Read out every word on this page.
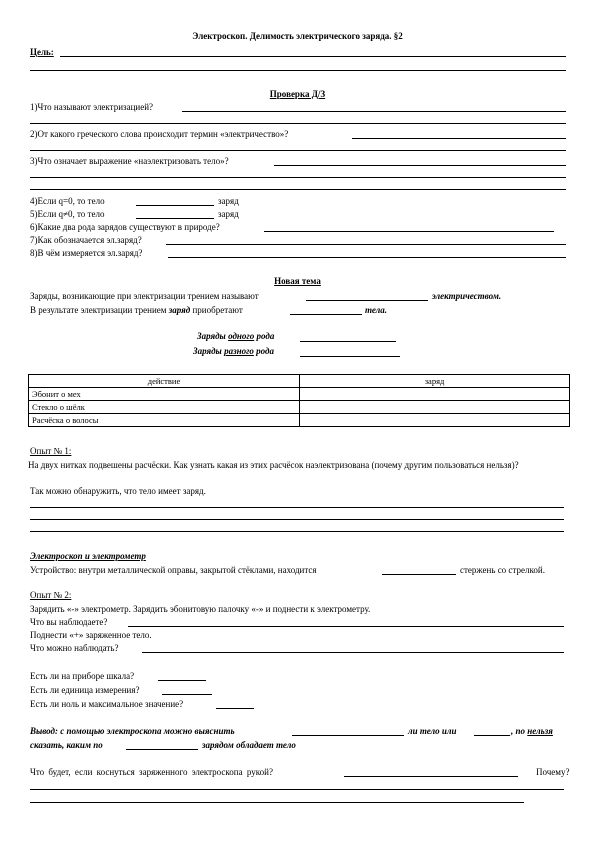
Электроскоп. Делимость электрического заряда. §2
Цель:
Проверка Д/З
1)Что называют электризацией?
2)От какого греческого слова происходит термин «электричество»?
3)Что означает выражение «наэлектризовать тело»?
4)Если q=0, то тело	заряд
5)Если q≠0, то тело	заряд
6)Какие два рода зарядов существуют в природе?
7)Как обозначается эл.заряд?
8)В чём измеряется эл.заряд?
Новая тема
Заряды, возникающие при электризации трением называют	электричеством.
В результате электризации трением заряд приобретают	тела.
Заряды одного рода
Заряды разного рода
действие	заряд
Эбонит о мех	
Стекло о шёлк	
Расчёска о волосы	
Опыт № 1:
На двух нитках подвешены расчёски. Как узнать какая из этих расчёсок наэлектризована (почему другим пользоваться нельзя)?
Так можно обнаружить, что тело имеет заряд.
Электроскоп и электрометр
Устройство: внутри металлической оправы, закрытой стёклами, находится	стержень со стрелкой.
Опыт № 2:
Зарядить «-» электрометр. Зарядить эбонитовую палочку «-» и поднести к электрометру.
Что вы наблюдаете?
Поднести «+» заряженное тело.
Что можно наблюдать?
Есть ли на приборе шкала?
Есть ли единица измерения?
Есть ли ноль и максимальное значение?
Вывод: с помощью электроскопа можно выяснить	ли тело или	, по нельзя
сказать, каким по	зарядом обладает тело
Что будет, если коснуться заряженного электроскопа рукой?	Почему?
